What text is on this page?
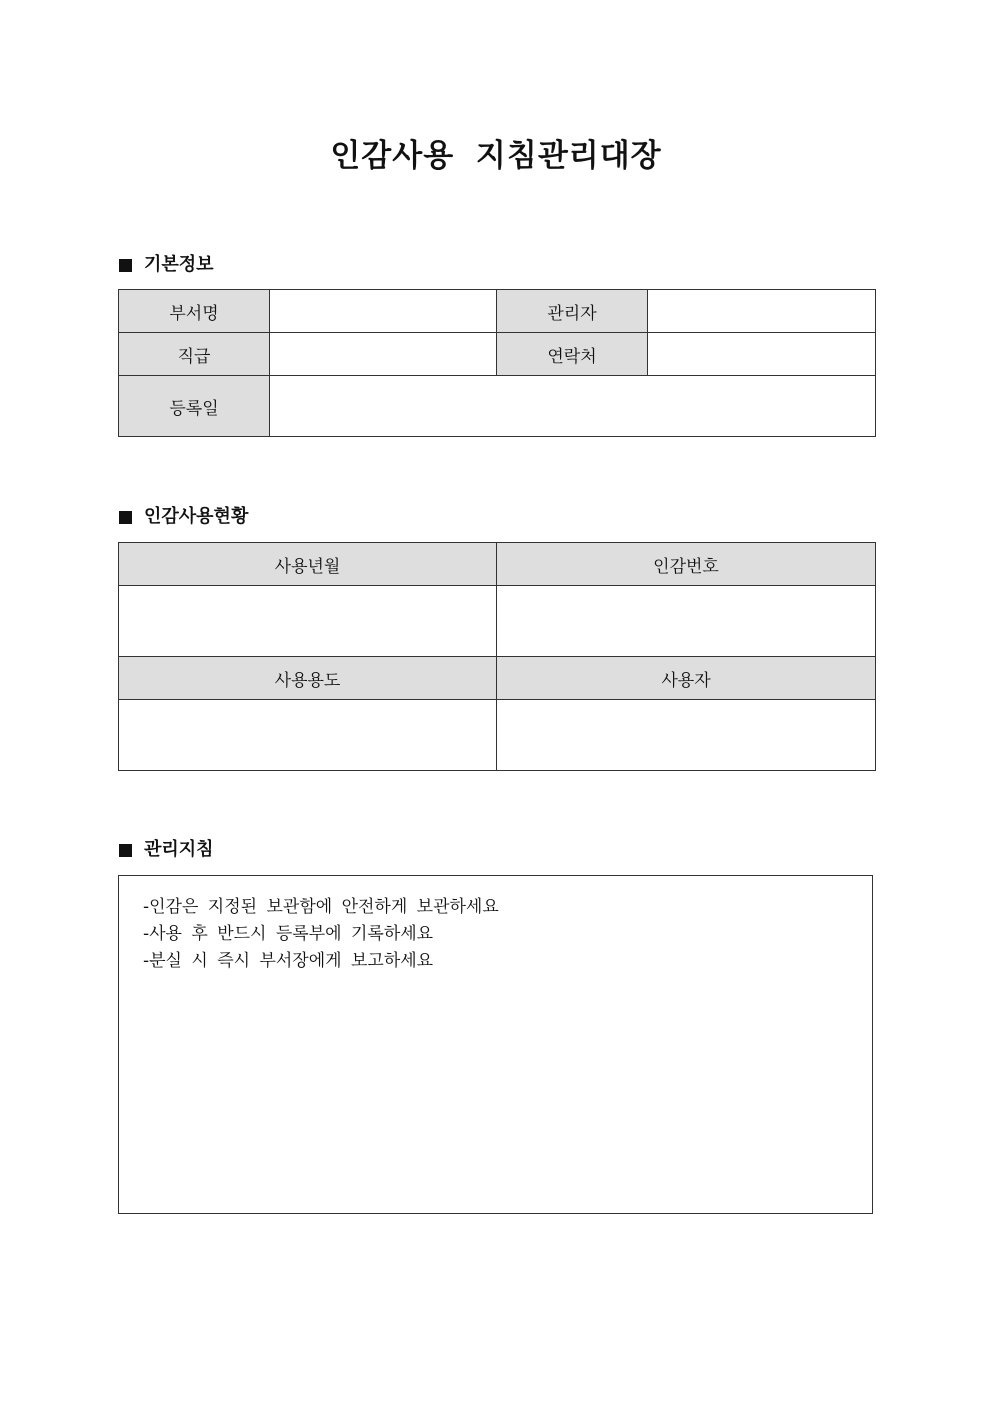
인감사용 지침관리대장
기본정보
부서명		관리자	
직급		연락처	
등록일			
인감사용현황
사용년월	인감번호

사용용도	사용자

관리지침
-인감은 지정된 보관함에 안전하게 보관하세요
-사용 후 반드시 등록부에 기록하세요
-분실 시 즉시 부서장에게 보고하세요
